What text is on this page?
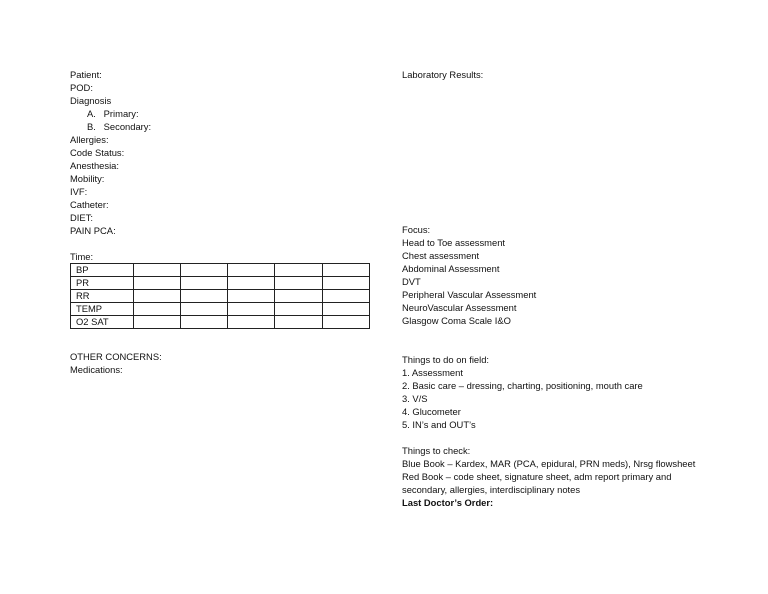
Patient:
POD:
Diagnosis
A.   Primary:
B.   Secondary:
Allergies:
Code Status:
Anesthesia:
Mobility:
IVF:
Catheter:
DIET:
PAIN PCA:
Time:
BP					
PR					
RR					
TEMP					
O2 SAT					
OTHER CONCERNS:
Medications:
Laboratory Results:
Focus:
Head to Toe assessment
Chest assessment
Abdominal Assessment
DVT
Peripheral Vascular Assessment
NeuroVascular Assessment
Glasgow Coma Scale I&O
Things to do on field:
1. Assessment
2. Basic care – dressing, charting, positioning, mouth care
3. V/S
4. Glucometer
5. IN’s and OUT’s
Things to check:
Blue Book – Kardex, MAR (PCA, epidural, PRN meds), Nrsg flowsheet
Red Book – code sheet, signature sheet, adm report primary and secondary, allergies, interdisciplinary notes
Last Doctor’s Order:
